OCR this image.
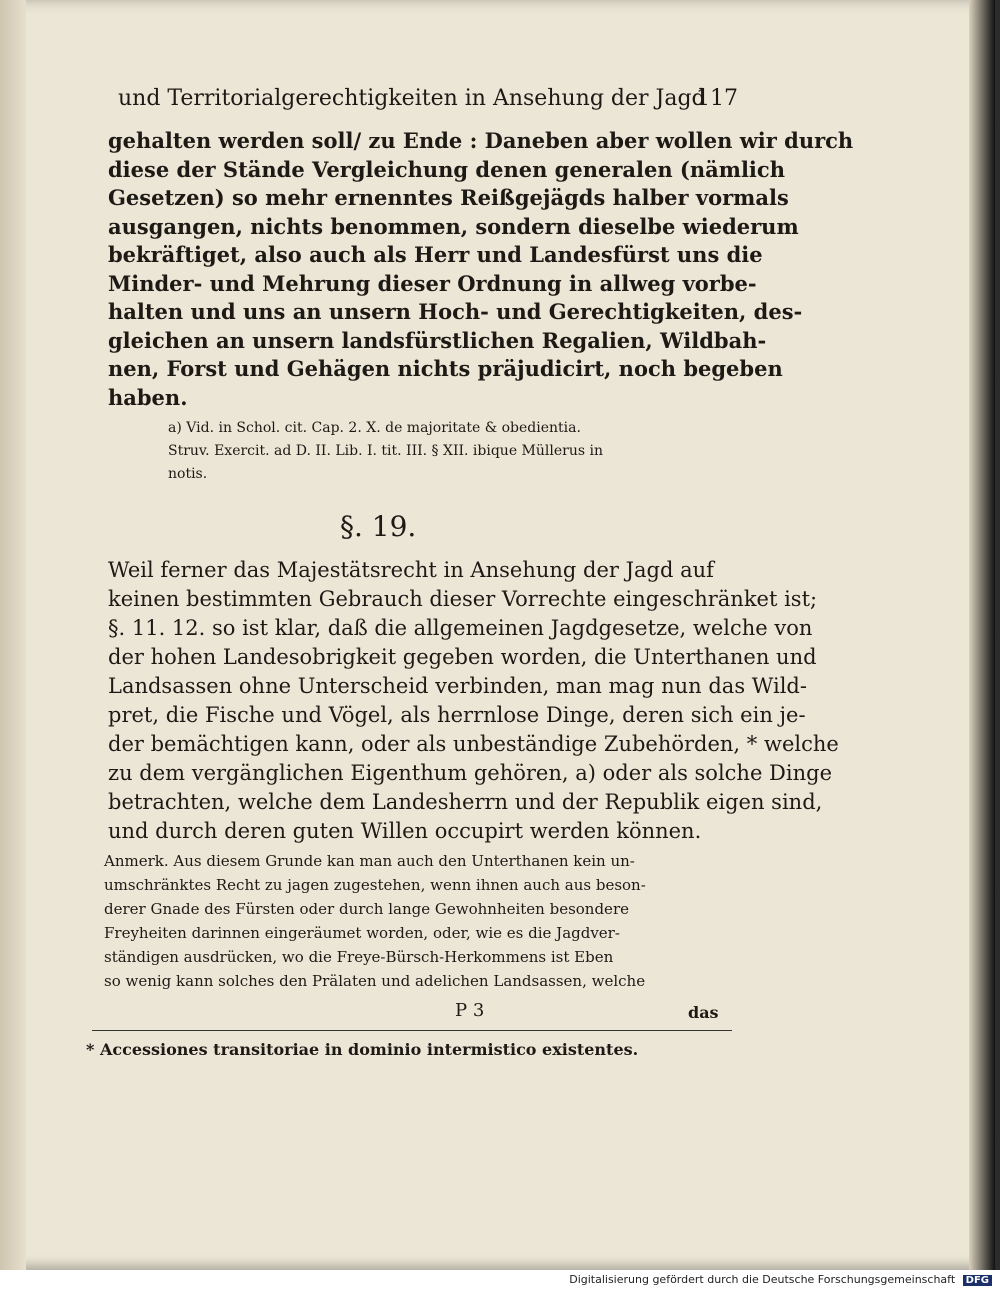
und Territorialgerechtigkeiten in Ansehung der Jagd
117
gehalten werden soll/ zu Ende : Daneben aber wollen wir durch
diese der Stände Vergleichung denen generalen (nämlich
Gesetzen) so mehr ernenntes Reißgejägds halber vormals
ausgangen, nichts benommen, sondern dieselbe wiederum
bekräftiget, also auch als Herr und Landesfürst uns die
Minder- und Mehrung dieser Ordnung in allweg vorbe-
halten und uns an unsern Hoch- und Gerechtigkeiten, des-
gleichen an unsern landsfürstlichen Regalien, Wildbah-
nen, Forst und Gehägen nichts präjudicirt, noch begeben
haben.
a) Vid. in Schol. cit. Cap. 2. X. de majoritate & obedientia.
Struv. Exercit. ad D. II. Lib. I. tit. III. § XII. ibique Müllerus in
notis.
§. 19.
Weil ferner das Majestätsrecht in Ansehung der Jagd auf
keinen bestimmten Gebrauch dieser Vorrechte eingeschränket ist;
§. 11. 12. so ist klar, daß die allgemeinen Jagdgesetze, welche von
der hohen Landesobrigkeit gegeben worden, die Unterthanen und
Landsassen ohne Unterscheid verbinden, man mag nun das Wild-
pret, die Fische und Vögel, als herrnlose Dinge, deren sich ein je-
der bemächtigen kann, oder als unbeständige Zubehörden, * welche
zu dem vergänglichen Eigenthum gehören, a) oder als solche Dinge
betrachten, welche dem Landesherrn und der Republik eigen sind,
und durch deren guten Willen occupirt werden können.
Anmerk. Aus diesem Grunde kan man auch den Unterthanen kein un-
umschränktes Recht zu jagen zugestehen, wenn ihnen auch aus beson-
derer Gnade des Fürsten oder durch lange Gewohnheiten besondere
Freyheiten darinnen eingeräumet worden, oder, wie es die Jagdver-
ständigen ausdrücken, wo die Freye-Bürsch-Herkommens ist Eben
so wenig kann solches den Prälaten und adelichen Landsassen, welche
P 3	das
* Accessiones transitoriae in dominio intermistico existentes.
Digitalisierung gefördert durch die Deutsche Forschungsgemeinschaft DFG
